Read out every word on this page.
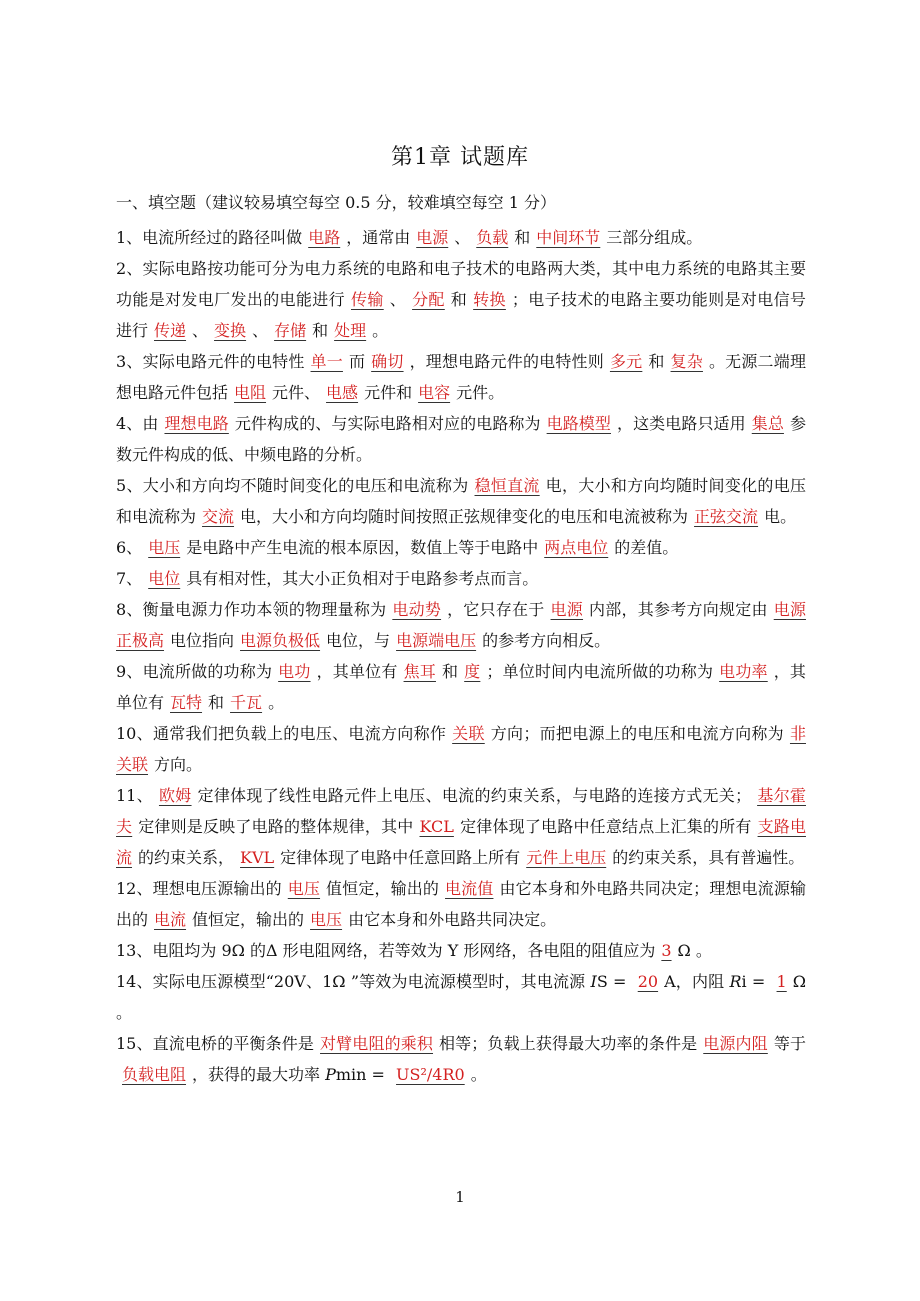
第1章 试题库
一、填空题（建议较易填空每空 0.5 分，较难填空每空 1 分）

1、电流所经过的路径叫做 电路 ，通常由 电源 、 负载 和 中间环节 三部分组成。

2、实际电路按功能可分为电力系统的电路和电子技术的电路两大类，其中电力系统的电路其主要功能是对发电厂发出的电能进行 传输 、 分配 和 转换 ；电子技术的电路主要功能则是对电信号进行 传递 、 变换 、 存储 和 处理 。

3、实际电路元件的电特性 单一 而 确切 ，理想电路元件的电特性则 多元 和 复杂 。无源二端理想电路元件包括 电阻 元件、 电感 元件和 电容 元件。

4、由 理想电路 元件构成的、与实际电路相对应的电路称为 电路模型 ，这类电路只适用 集总 参数元件构成的低、中频电路的分析。

5、大小和方向均不随时间变化的电压和电流称为 稳恒直流 电，大小和方向均随时间变化的电压和电流称为 交流 电，大小和方向均随时间按照正弦规律变化的电压和电流被称为 正弦交流 电。

6、 电压 是电路中产生电流的根本原因，数值上等于电路中 两点电位 的差值。

7、 电位 具有相对性，其大小正负相对于电路参考点而言。

8、衡量电源力作功本领的物理量称为 电动势 ，它只存在于 电源 内部，其参考方向规定由 电源正极高 电位指向 电源负极低 电位，与 电源端电压 的参考方向相反。

9、电流所做的功称为 电功 ，其单位有 焦耳 和 度 ；单位时间内电流所做的功称为 电功率 ，其单位有 瓦特 和 千瓦 。

10、通常我们把负载上的电压、电流方向称作 关联 方向；而把电源上的电压和电流方向称为 非关联 方向。

11、 欧姆 定律体现了线性电路元件上电压、电流的约束关系，与电路的连接方式无关； 基尔霍夫 定律则是反映了电路的整体规律，其中 KCL 定律体现了电路中任意结点上汇集的所有 支路电流 的约束关系， KVL 定律体现了电路中任意回路上所有 元件上电压 的约束关系，具有普遍性。

12、理想电压源输出的 电压 值恒定，输出的 电流值 由它本身和外电路共同决定；理想电流源输出的 电流 值恒定，输出的 电压 由它本身和外电路共同决定。

13、电阻均为 9Ω 的Δ 形电阻网络，若等效为 Y 形网络，各电阻的阻值应为 3 Ω 。

14、实际电压源模型“20V、1Ω ”等效为电流源模型时，其电流源 IS = 20 A，内阻 Ri = 1 Ω 。

15、直流电桥的平衡条件是 对臂电阻的乘积 相等；负载上获得最大功率的条件是 电源内阻 等于负载电阻 ，获得的最大功率 Pmin = US²/4R0 。

1
